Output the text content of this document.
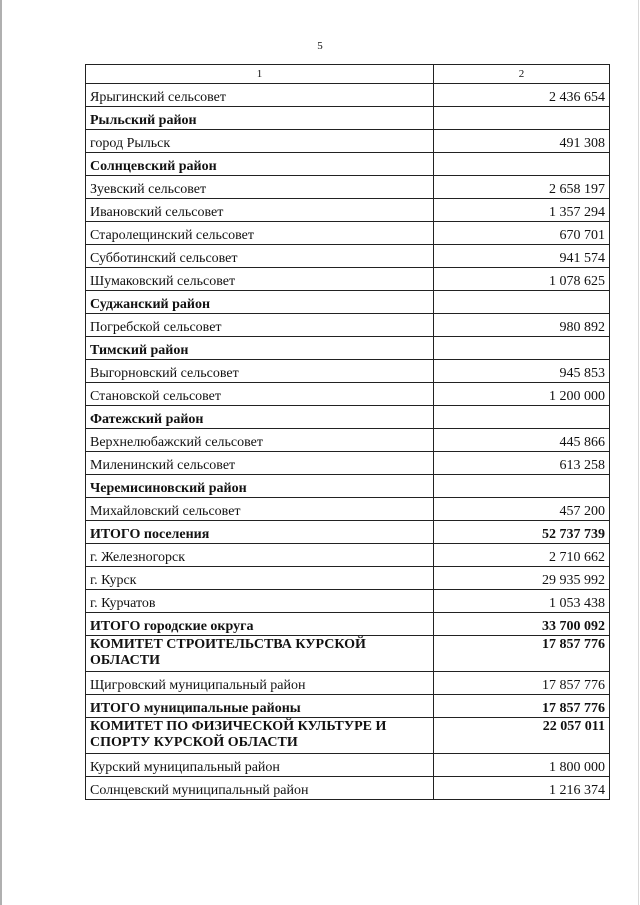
5
1	2
Ярыгинский сельсовет	2 436 654
Рыльский район	
город Рыльск	491 308
Солнцевский район	
Зуевский сельсовет	2 658 197
Ивановский сельсовет	1 357 294
Старолещинский сельсовет	670 701
Субботинский сельсовет	941 574
Шумаковский сельсовет	1 078 625
Суджанский район	
Погребской сельсовет	980 892
Тимский район	
Выгорновский сельсовет	945 853
Становской сельсовет	1 200 000
Фатежский район	
Верхнелюбажский сельсовет	445 866
Миленинский сельсовет	613 258
Черемисиновский район	
Михайловский сельсовет	457 200
ИТОГО поселения	52 737 739
г. Железногорск	2 710 662
г. Курск	29 935 992
г. Курчатов	1 053 438
ИТОГО городские округа	33 700 092
КОМИТЕТ СТРОИТЕЛЬСТВА КУРСКОЙ ОБЛАСТИ	17 857 776
Щигровский муниципальный район	17 857 776
ИТОГО муниципальные районы	17 857 776
КОМИТЕТ ПО ФИЗИЧЕСКОЙ КУЛЬТУРЕ И СПОРТУ КУРСКОЙ ОБЛАСТИ	22 057 011
Курский муниципальный район	1 800 000
Солнцевский муниципальный район	1 216 374
